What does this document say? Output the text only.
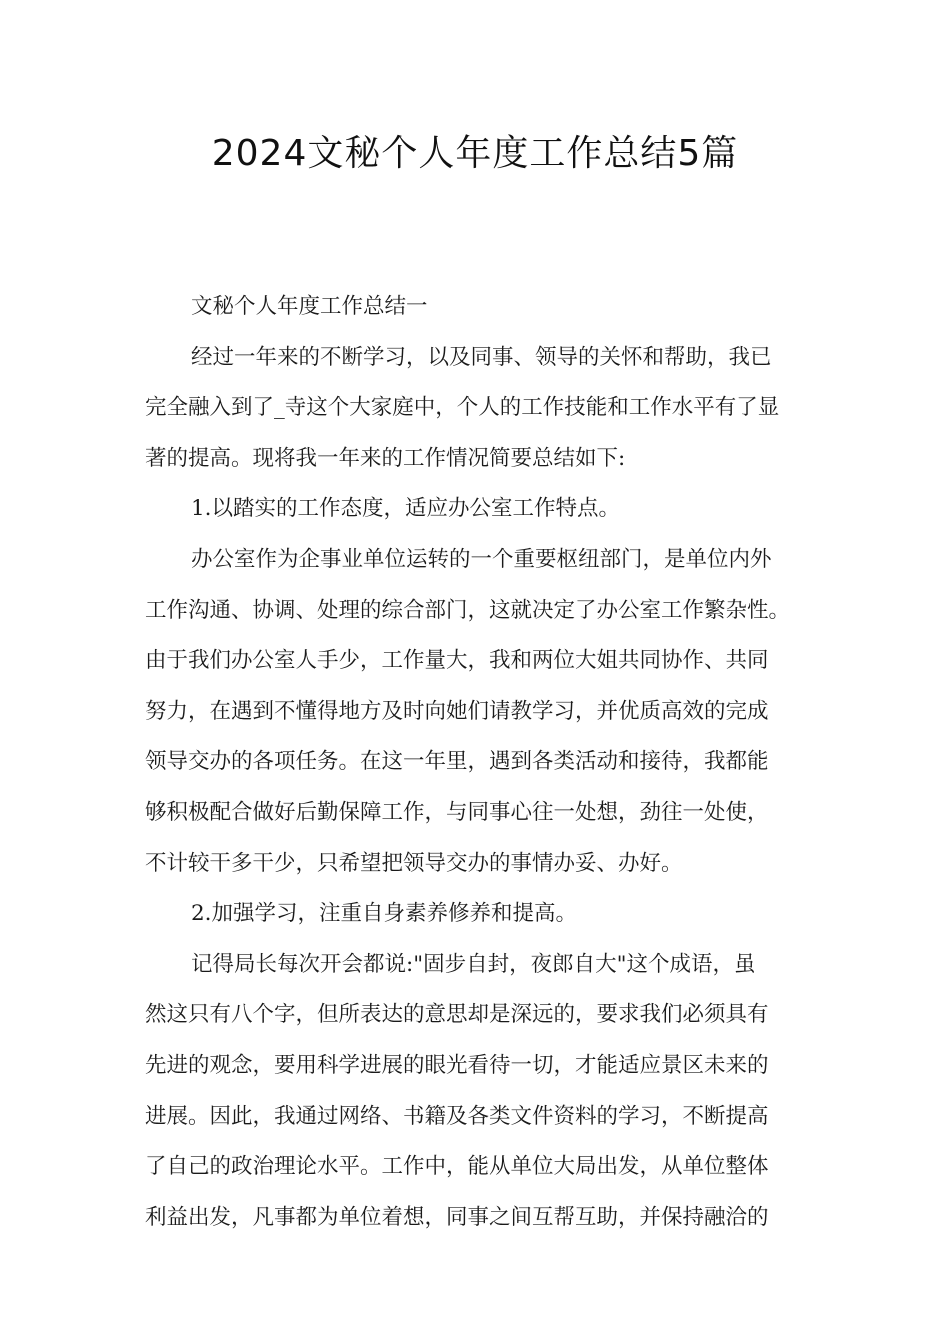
2024文秘个人年度工作总结5篇

文秘个人年度工作总结一

经过一年来的不断学习，以及同事、领导的关怀和帮助，我已

完全融入到了_寺这个大家庭中，个人的工作技能和工作水平有了显

著的提高。现将我一年来的工作情况简要总结如下:

1.以踏实的工作态度，适应办公室工作特点。

办公室作为企事业单位运转的一个重要枢纽部门，是单位内外

工作沟通、协调、处理的综合部门，这就决定了办公室工作繁杂性。

由于我们办公室人手少，工作量大，我和两位大姐共同协作、共同

努力，在遇到不懂得地方及时向她们请教学习，并优质高效的完成

领导交办的各项任务。在这一年里，遇到各类活动和接待，我都能

够积极配合做好后勤保障工作，与同事心往一处想，劲往一处使，

不计较干多干少，只希望把领导交办的事情办妥、办好。

2.加强学习，注重自身素养修养和提高。

记得局长每次开会都说:"固步自封，夜郎自大"这个成语，虽

然这只有八个字，但所表达的意思却是深远的，要求我们必须具有

先进的观念，要用科学进展的眼光看待一切，才能适应景区未来的

进展。因此，我通过网络、书籍及各类文件资料的学习，不断提高

了自己的政治理论水平。工作中，能从单位大局出发，从单位整体

利益出发，凡事都为单位着想，同事之间互帮互助，并保持融洽的
